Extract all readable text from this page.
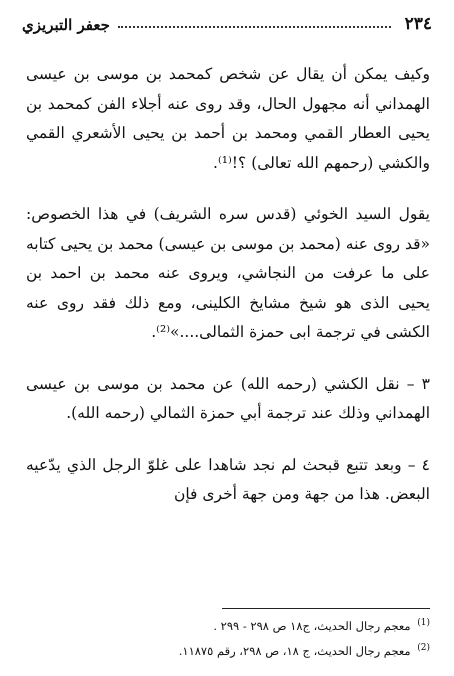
٢٣٤
جعفر التبريزي

وكيف يمكن أن يقال عن شخص كمحمد بن موسى بن عيسى الهمداني أنه مجهول الحال، وقد روى عنه أجلاء الفن كمحمد بن يحيى العطار القمي ومحمد بن أحمد بن يحيى الأشعري القمي والكشي (رحمهم الله تعالى) ؟!⁽¹⁾.

يقول السيد الخوئي (قدس سره الشريف) في هذا الخصوص: «قد روى عنه (محمد بن موسى بن عيسى) محمد بن يحيى كتابه على ما عرفت من النجاشي، ويروى عنه محمد بن احمد بن يحيى الذى هو شيخ مشايخ الكلينى، ومع ذلك فقد روى عنه الكشى في ترجمة ابى حمزة الثمالى....»⁽²⁾.

٣ – نقل الكشي (رحمه الله) عن محمد بن موسى بن عيسى الهمداني وذلك عند ترجمة أبي حمزة الثمالي (رحمه الله).

٤ – وبعد تتبع قبحث لم نجد شاهدا على غلوّ الرجل الذي يدّعيه البعض. هذا من جهة ومن جهة أخرى فإن

$^{(1)}$ معجم رجال الحديث، ج١٨ ص ٢٩٨ - ٢٩٩ .

$^{(2)}$ معجم رجال الحديث، ج ١٨، ص ٢٩٨، رقم ١١٨٧٥.
